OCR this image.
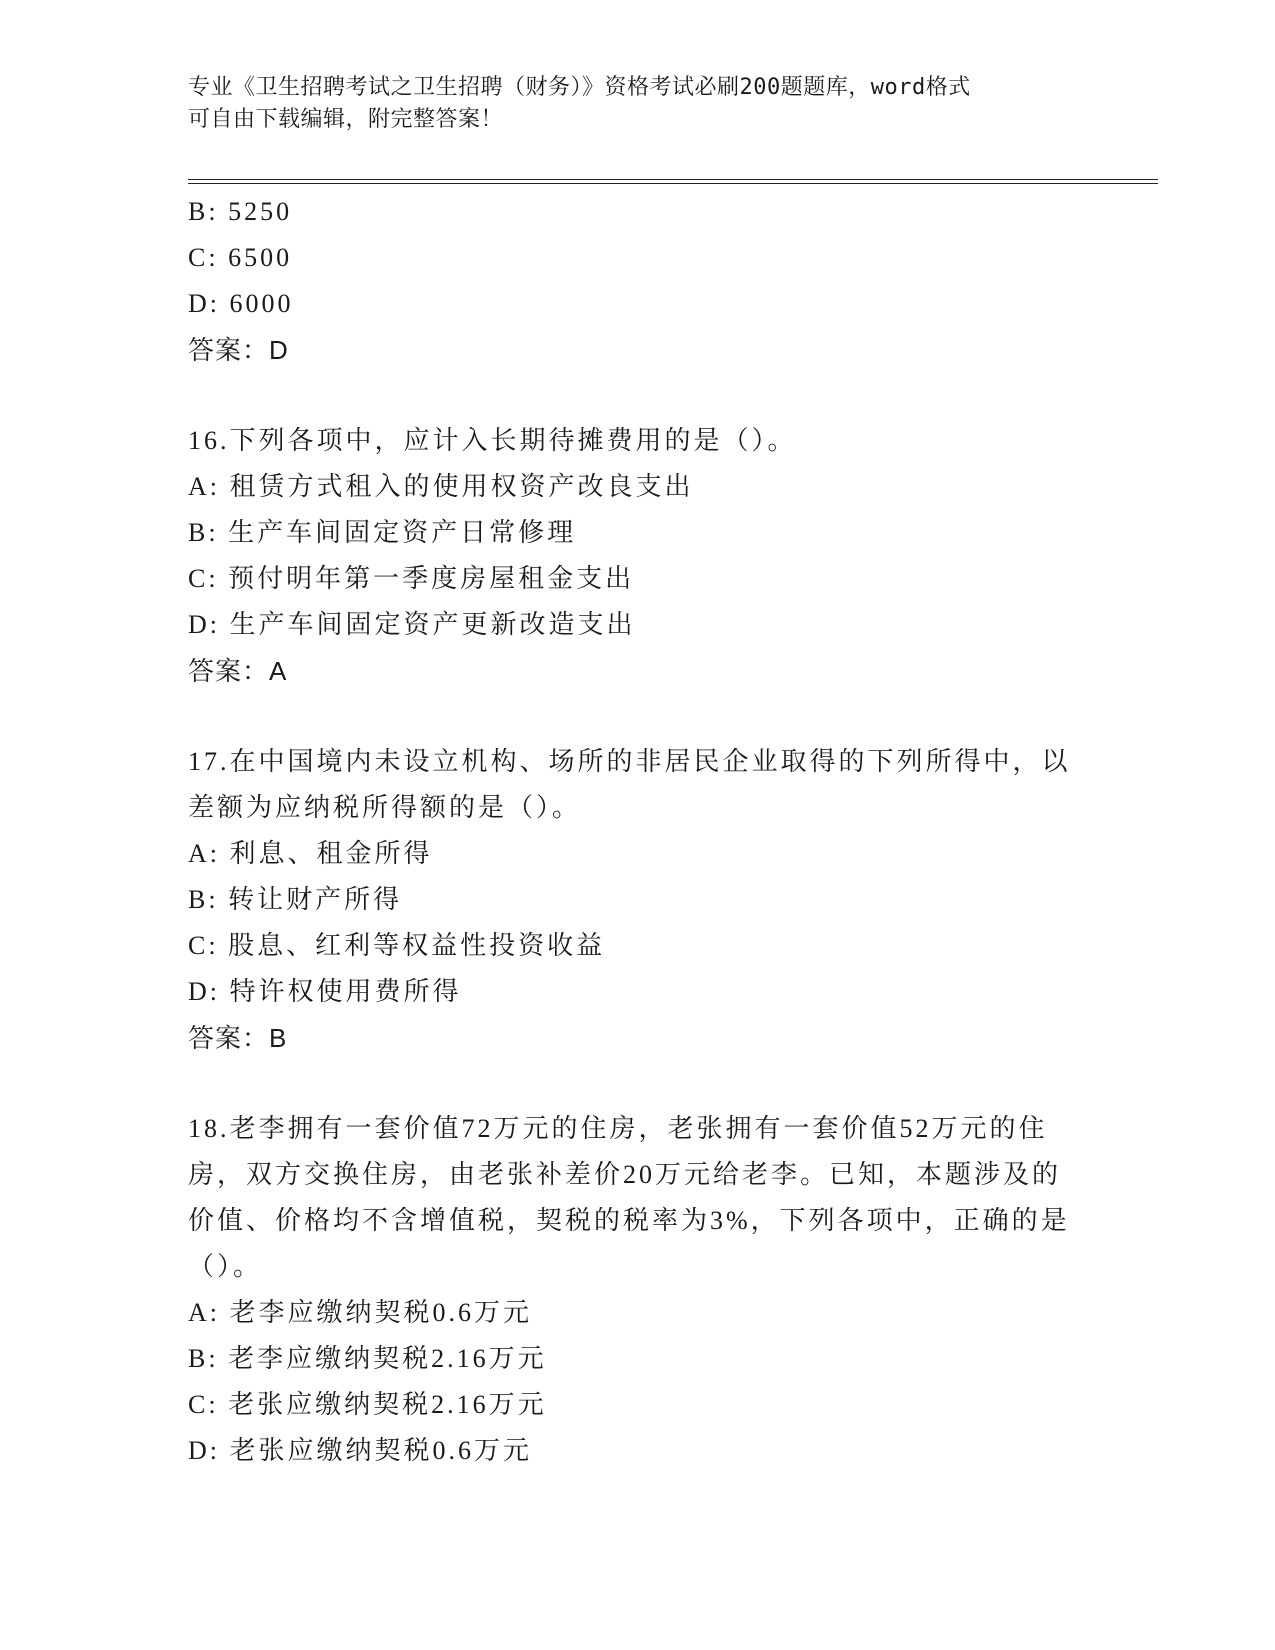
专业《卫生招聘考试之卫生招聘（财务）》资格考试必刷200题题库，word格式
可自由下载编辑，附完整答案！
B: 5250
C: 6500
D: 6000
答案：D
16.下列各项中，应计入长期待摊费用的是（）。
A: 租赁方式租入的使用权资产改良支出
B: 生产车间固定资产日常修理
C: 预付明年第一季度房屋租金支出
D: 生产车间固定资产更新改造支出
答案：A
17.在中国境内未设立机构、场所的非居民企业取得的下列所得中，以
差额为应纳税所得额的是（）。
A: 利息、租金所得
B: 转让财产所得
C: 股息、红利等权益性投资收益
D: 特许权使用费所得
答案：B
18.老李拥有一套价值72万元的住房，老张拥有一套价值52万元的住
房，双方交换住房，由老张补差价20万元给老李。已知，本题涉及的
价值、价格均不含增值税，契税的税率为3%，下列各项中，正确的是
（）。
A: 老李应缴纳契税0.6万元
B: 老李应缴纳契税2.16万元
C: 老张应缴纳契税2.16万元
D: 老张应缴纳契税0.6万元
